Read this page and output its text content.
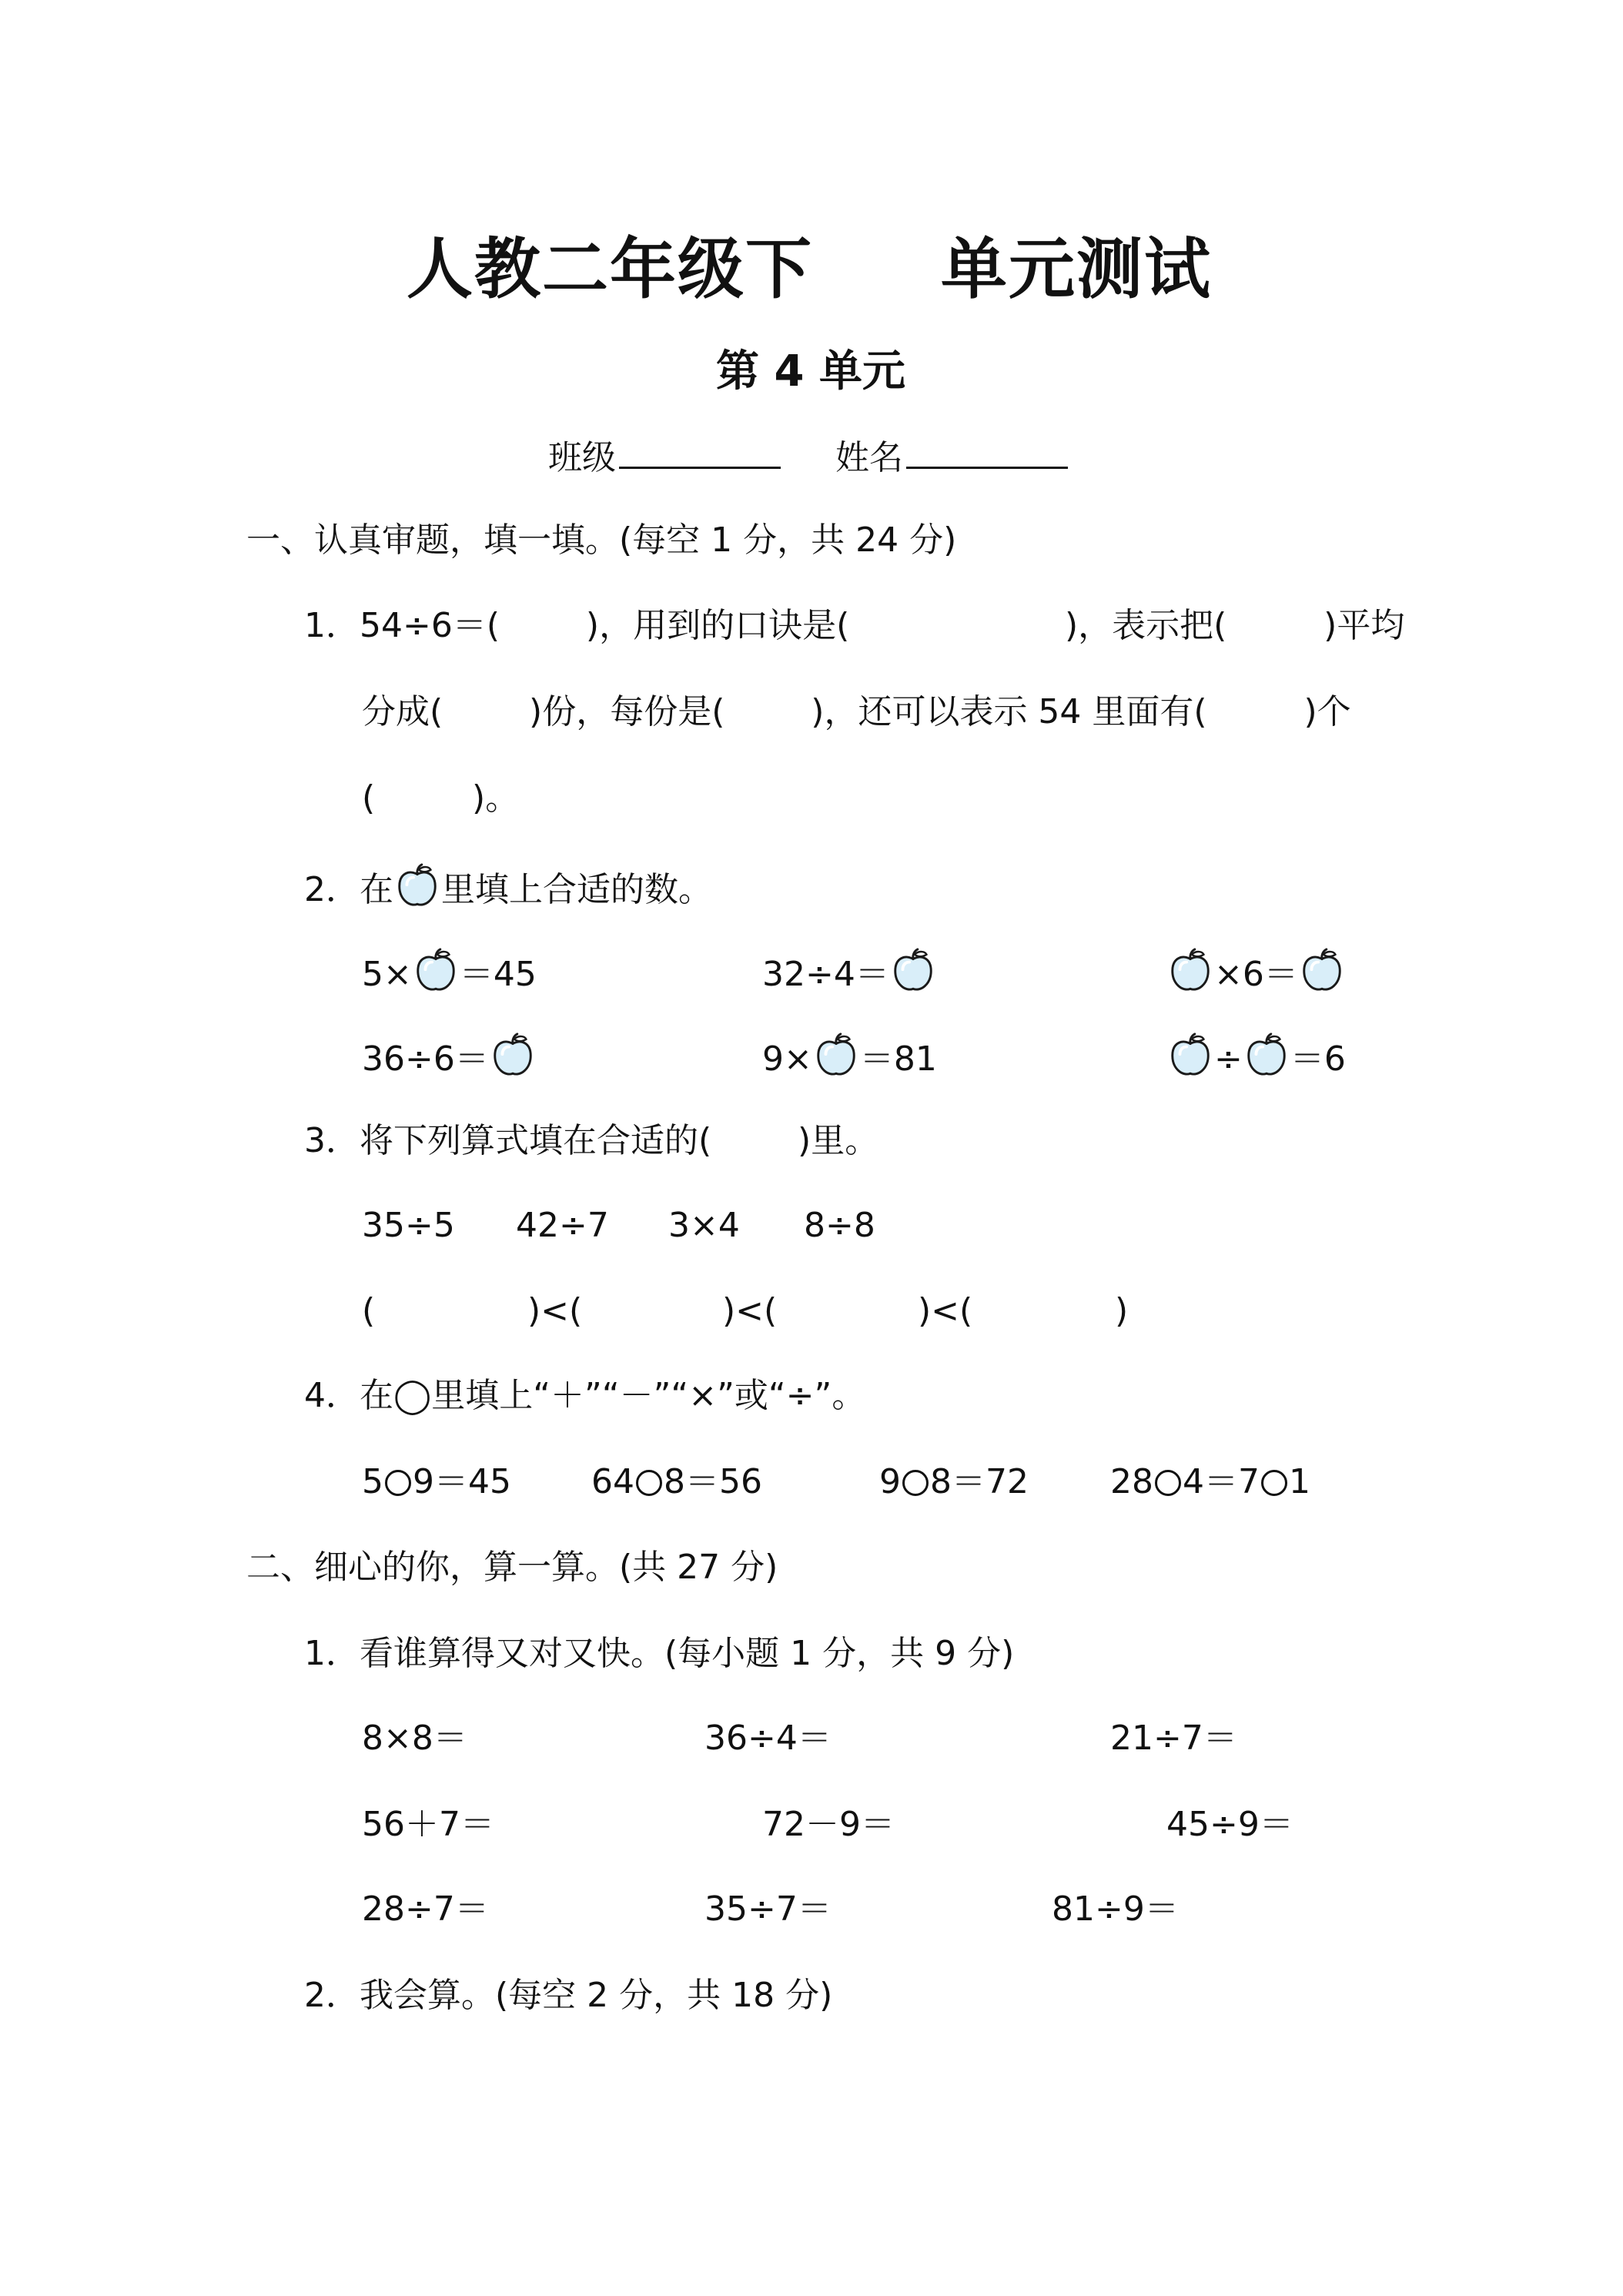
人教二年级下 单元测试
第 4 单元
班级	姓名
一、认真审题，填一填。(每空 1 分，共 24 分)
1．54÷6＝(        )，用到的口诀是(                    )，表示把(         )平均
分成(        )份，每份是(        )，还可以表示 54 里面有(         )个
(         )。
2．在 里填上合适的数。
5× ＝45	32÷4＝	×6＝
36÷6＝	9× ＝81	÷ ＝6
3．将下列算式填在合适的(        )里。
35÷5 42÷7 3×4 8÷8
(	)<(	)<(	)<(	)
4．在◯里填上“＋”“－”“×”或“÷”。
5 9＝45 64 8＝56	9 8＝72 28 4＝7 1
二、细心的你，算一算。(共 27 分)
1．看谁算得又对又快。(每小题 1 分，共 9 分)
8×8＝	36÷4＝	21÷7＝
56＋7＝	72－9＝	45÷9＝
28÷7＝	35÷7＝	81÷9＝
2．我会算。(每空 2 分，共 18 分)
